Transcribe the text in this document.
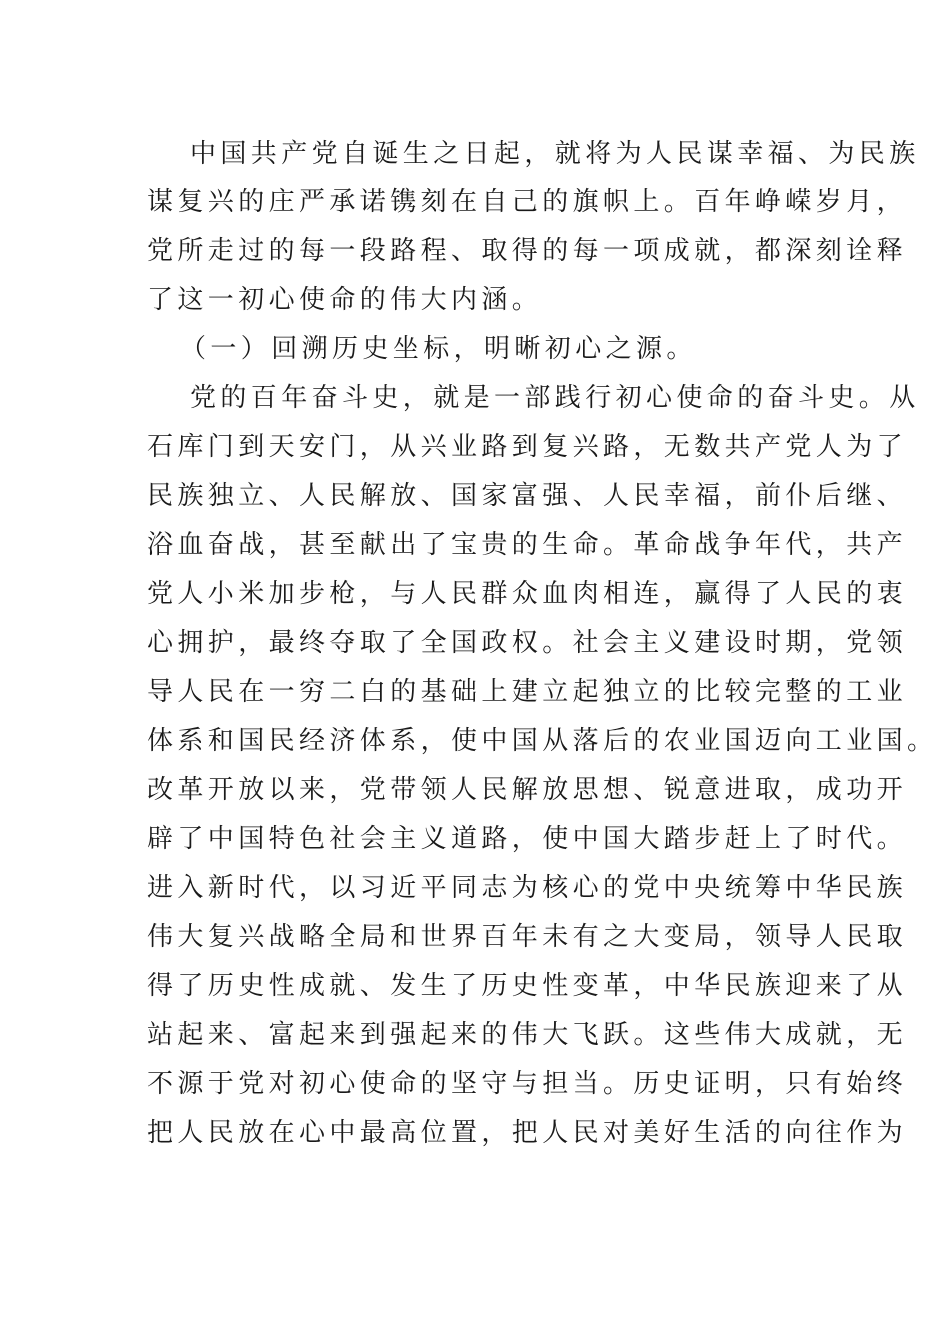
中国共产党自诞生之日起，就将为人民谋幸福、为民族
谋复兴的庄严承诺镌刻在自己的旗帜上。百年峥嵘岁月，
党所走过的每一段路程、取得的每一项成就，都深刻诠释
了这一初心使命的伟大内涵。
（一）回溯历史坐标，明晰初心之源。
党的百年奋斗史，就是一部践行初心使命的奋斗史。从
石库门到天安门，从兴业路到复兴路，无数共产党人为了
民族独立、人民解放、国家富强、人民幸福，前仆后继、
浴血奋战，甚至献出了宝贵的生命。革命战争年代，共产
党人小米加步枪，与人民群众血肉相连，赢得了人民的衷
心拥护，最终夺取了全国政权。社会主义建设时期，党领
导人民在一穷二白的基础上建立起独立的比较完整的工业
体系和国民经济体系，使中国从落后的农业国迈向工业国。
改革开放以来，党带领人民解放思想、锐意进取，成功开
辟了中国特色社会主义道路，使中国大踏步赶上了时代。
进入新时代，以习近平同志为核心的党中央统筹中华民族
伟大复兴战略全局和世界百年未有之大变局，领导人民取
得了历史性成就、发生了历史性变革，中华民族迎来了从
站起来、富起来到强起来的伟大飞跃。这些伟大成就，无
不源于党对初心使命的坚守与担当。历史证明，只有始终
把人民放在心中最高位置，把人民对美好生活的向往作为
